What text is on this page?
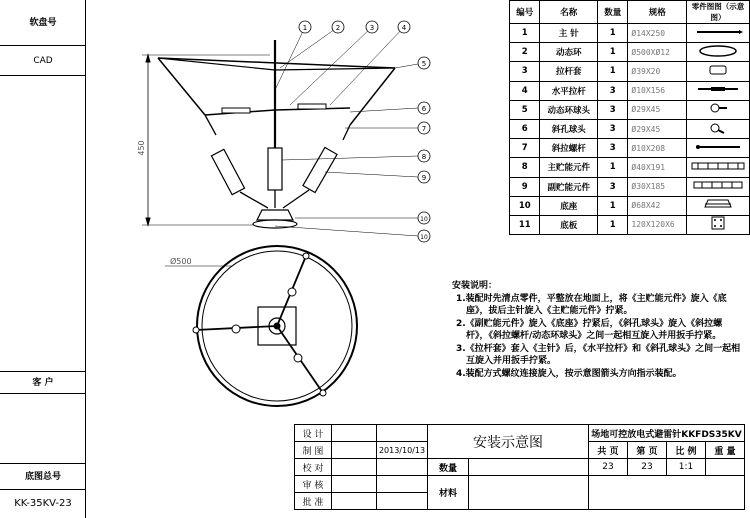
软盘号
CAD
客 户
底图总号
KK-35KV-23
1	2	3	4
5
6
7
8
9
10
10
450
Ø500
编号	名称	数量	规格	零件图图（示意图）
1	主 针	1	Ø14X250	
2	动态环	1	Ø500XØ12	
3	拉杆套	1	Ø39X20	
4	水平拉杆	3	Ø10X156	
5	动态环球头	3	Ø29X45	
6	斜孔球头	3	Ø29X45	
7	斜拉螺杆	3	Ø10X208	
8	主贮能元件	1	Ø40X191	
9	副贮能元件	3	Ø30X185	
10	底座	1	Ø68X42	
11	底板	1	120X120X6	
安装说明：
1.装配时先清点零件，平整放在地面上，将《主贮能元件》旋入《底座》，拔后主针旋入《主贮能元件》拧紧。
2.《副贮能元件》旋入《底座》拧紧后，《斜孔球头》旋入《斜拉螺杆》，《斜拉螺杆/动态环球头》之间一起相互旋入并用扳手拧紧。
3.《拉杆套》套入《主针》后，《水平拉杆》和《斜孔球头》之间一起相互旋入并用扳手拧紧。
4.装配方式螺纹连接旋入，按示意图箭头方向指示装配。
设 计			安装示意图		场地可控放电式避雷针KKFDS35KV			
制 图		2013/10/13			共 页	第 页	比 例	重 量
校 对			数量		23	23	1:1	
审 核			材料					
批 准								
